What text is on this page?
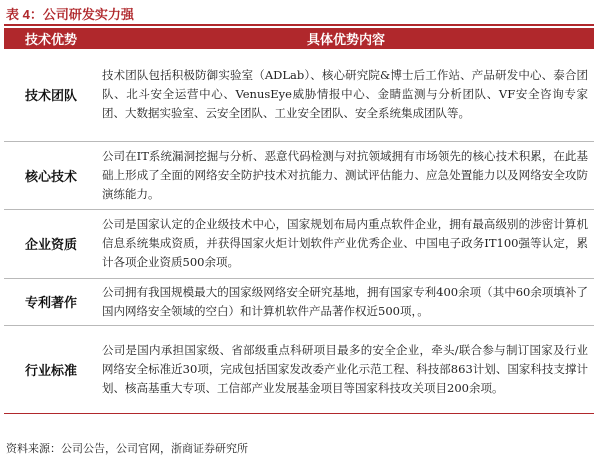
表 4：公司研发实力强
技术优势	具体优势内容
技术团队	技术团队包括积极防御实验室（ADLab）、核心研究院&博士后工作站、产品研发中心、泰合团队、北斗安全运营中心、VenusEye威胁情报中心、金睛监测与分析团队、VF安全咨询专家团、大数据实验室、云安全团队、工业安全团队、安全系统集成团队等。
核心技术	公司在IT系统漏洞挖掘与分析、恶意代码检测与对抗领域拥有市场领先的核心技术积累，在此基础上形成了全面的网络安全防护技术对抗能力、测试评估能力、应急处置能力以及网络安全攻防演练能力。
企业资质	公司是国家认定的企业级技术中心，国家规划布局内重点软件企业，拥有最高级别的涉密计算机信息系统集成资质，并获得国家火炬计划软件产业优秀企业、中国电子政务IT100强等认定，累计各项企业资质500余项。
专利著作	公司拥有我国规模最大的国家级网络安全研究基地，拥有国家专利400余项（其中60余项填补了国内网络安全领域的空白）和计算机软件产品著作权近500项，。
行业标准	公司是国内承担国家级、省部级重点科研项目最多的安全企业，牵头/联合参与制订国家及行业网络安全标准近30项，完成包括国家发改委产业化示范工程、科技部863计划、国家科技支撑计划、核高基重大专项、工信部产业发展基金项目等国家科技攻关项目200余项。
资料来源：公司公告，公司官网，浙商证券研究所
